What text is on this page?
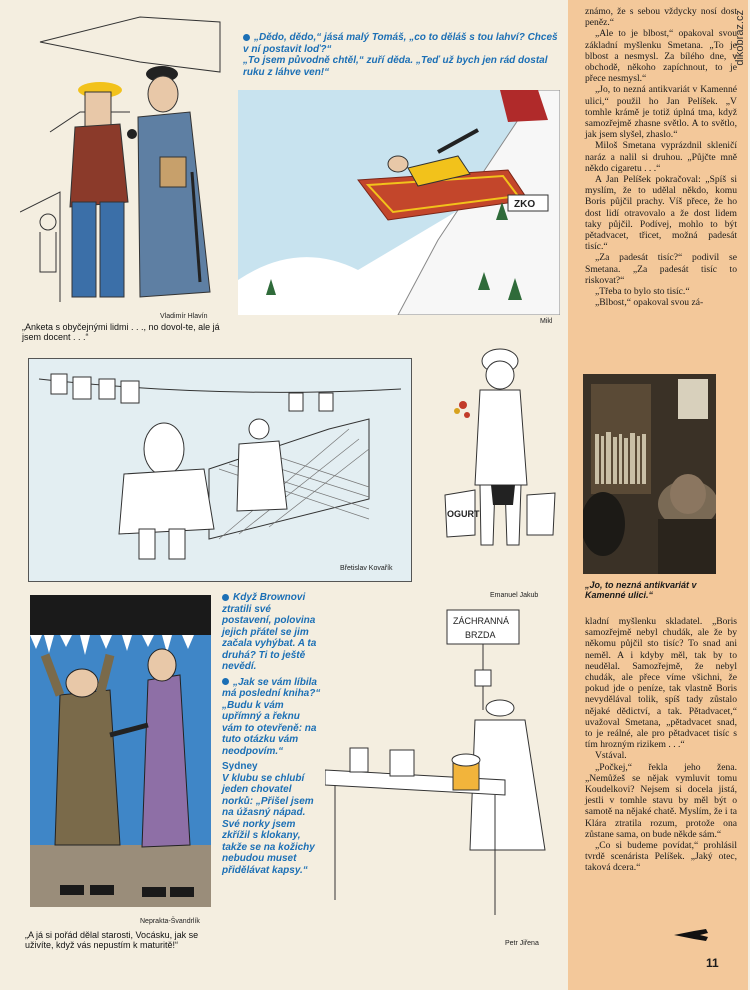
dikobraz.cz

známo, že s sebou vždycky nosí dost peněz.“

„Ale to je blbost,“ opakoval svou základní myšlenku Smetana. „To je blbost a nesmysl. Za bílého dne, v obchodě, někoho zapíchnout, to je přece nesmysl.“

„Jo, to nezná antikvariát v Kamenné ulici,“ použil ho Jan Pelíšek. „V tomhle krámě je totiž úplná tma, když samozřejmě zhasne světlo. A to světlo, jak jsem slyšel, zhaslo.“

Miloš Smetana vyprázdnil skleničí naráz a nalil si druhou. „Půjčte mně někdo cigaretu . . .“

A Jan Pelíšek pokračoval: „Spíš si myslím, že to udělal někdo, komu Boris půjčil prachy. Víš přece, že ho dost lidí otravovalo a že dost lidem taky půjčil. Podívej, mohlo to být pětadvacet, třicet, možná padesát tisíc.“

„Za padesát tisíc?“ podivil se Smetana. „Za padesát tisíc to riskovat?“

„Třeba to bylo sto tisíc.“

„Blbost,“ opakoval svou zá-

„Jo, to nezná antikvariát v Kamenné ulici.“

kladní myšlenku skladatel. „Boris samozřejmě nebyl chudák, ale že by někomu půjčil sto tisíc? To snad ani neměl. A i kdyby měl, tak by to neudělal. Samozřejmě, že nebyl chudák, ale přece víme všichni, že pokud jde o peníze, tak vlastně Boris nevydělával tolik, spíš tady zůstalo nějaké dědictví, a tak. Pětadvacet,“ uvažoval Smetana, „pětadvacet snad, to je reálné, ale pro pětadvacet tisíc s tím hrozným rizikem . . .“

Vstával.

„Počkej,“ řekla jeho žena. „Nemůžeš se nějak vymluvit tomu Koudelkovi? Nejsem si docela jistá, jestli v tomhle stavu by měl být o samotě na nějaké chatě. Myslím, že i ta Klára ztratila rozum, protože ona zůstane sama, on bude někde sám.“

„Co si budeme povídat,“ prohlásil tvrdě scenárista Pelíšek. „Jaký otec, taková dcera.“

11
„Dědo, dědo,“ jásá malý Tomáš, „co to děláš s tou lahví? Chceš v ní postavit loď?“
„To jsem původně chtěl,“ zuří děda. „Teď už bych jen rád dostal ruku z láhve ven!“
Vladimír Hlavín
„Anketa s obyčejnými lidmi . . ., no dovol-te, ale já jsem docent . . .“
ZKO
Mikl
Břetislav Kovařík
OGURT
Emanuel Jakub
Neprakta-Švandrlík
„A já si pořád dělal starosti, Vocásku, jak se uživíte, když vás nepustím k maturitě!“
Když Brownovi ztratili své postavení, polovina jejich přátel se jim začala vyhýbat. A ta druhá? Ti to ještě nevědí.
„Jak se vám líbila má poslední kniha?“ „Budu k vám upřímný a řeknu vám to otevřeně: na tuto otázku vám neodpovím.“
Sydney
V klubu se chlubí jeden chovatel norků: „Přišel jsem na úžasný nápad. Své norky jsem zkřížil s klokany, takže se na kožichy nebudou muset přidělávat kapsy.“
ZÁCHRANNÁ
BRZDA
Petr Jiřena
